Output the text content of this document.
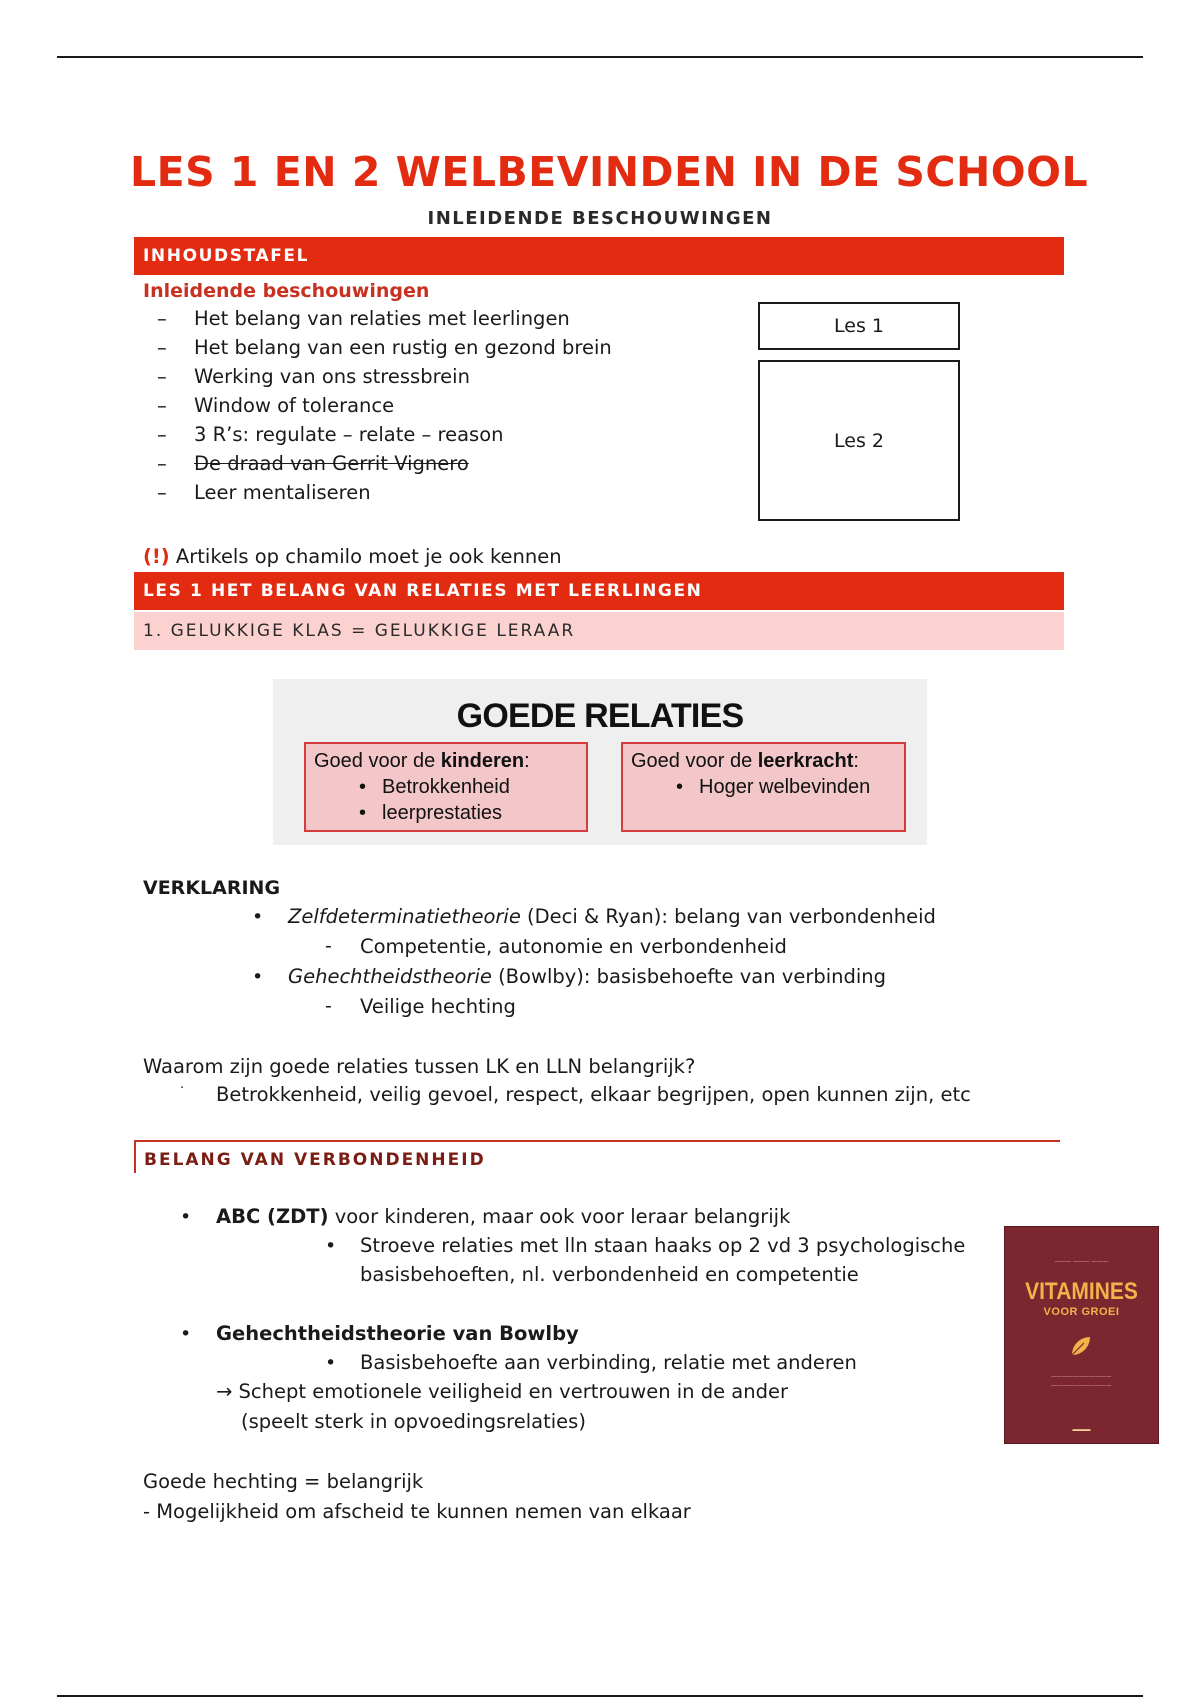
LES 1 EN 2 WELBEVINDEN IN DE SCHOOL
INLEIDENDE BESCHOUWINGEN
INHOUDSTAFEL
Inleidende beschouwingen
– Het belang van relaties met leerlingen
– Het belang van een rustig en gezond brein
– Werking van ons stressbrein
– Window of tolerance
– 3 R’s: regulate – relate – reason
– De draad van Gerrit Vignero
– Leer mentaliseren
Les 1
Les 2
(!) Artikels op chamilo moet je ook kennen
LES 1 HET BELANG VAN RELATIES MET LEERLINGEN
1. GELUKKIGE KLAS = GELUKKIGE LERAAR
GOEDE RELATIES
Goed voor de kinderen:
• Betrokkenheid
• leerprestaties
Goed voor de leerkracht:
• Hoger welbevinden
VERKLARING
• Zelfdeterminatietheorie (Deci & Ryan): belang van verbondenheid
- Competentie, autonomie en verbondenheid
• Gehechtheidstheorie (Bowlby): basisbehoefte van verbinding
- Veilige hechting
Waarom zijn goede relaties tussen LK en LLN belangrijk?
· Betrokkenheid, veilig gevoel, respect, elkaar begrijpen, open kunnen zijn, etc
BELANG VAN VERBONDENHEID
• ABC (ZDT) voor kinderen, maar ook voor leraar belangrijk
• Stroeve relaties met lln staan haaks op 2 vd 3 psychologische
basisbehoeften, nl. verbondenheid en competentie
• Gehechtheidstheorie van Bowlby
• Basisbehoefte aan verbinding, relatie met anderen
→ Schept emotionele veiligheid en vertrouwen in de ander
(speelt sterk in opvoedingsrelaties)
Goede hechting = belangrijk
- Mogelijkheid om afscheid te kunnen nemen van elkaar
——— ——— ———
VITAMINES
VOOR GROEI
———————————
———————————
▬▬▬
